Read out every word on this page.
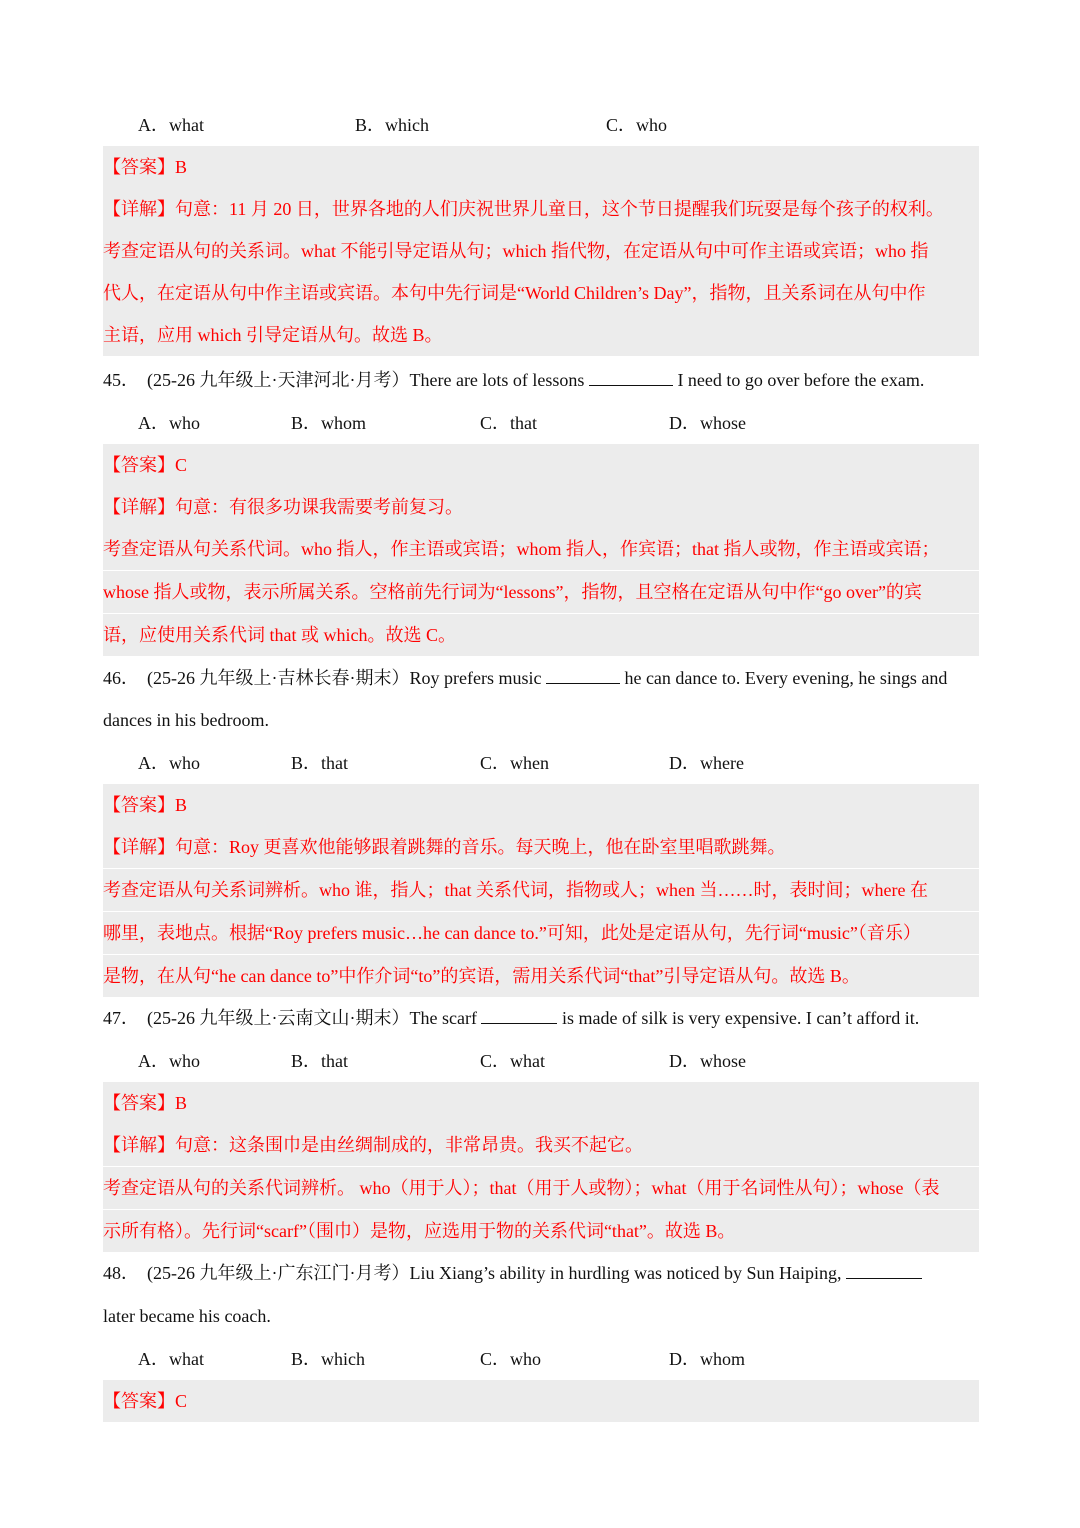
A．what	B．which	C．who
【答案】B
【详解】句意：11 月 20 日，世界各地的人们庆祝世界儿童日，这个节日提醒我们玩耍是每个孩子的权利。
考查定语从句的关系词。what 不能引导定语从句；which 指代物，在定语从句中可作主语或宾语；who 指
代人，在定语从句中作主语或宾语。本句中先行词是“World Children’s Day”，指物，且关系词在从句中作
主语，应用 which 引导定语从句。故选 B。
45． (25-26 九年级上·天津河北·月考）There are lots of lessons	I need to go over before the exam.
A．who	B．whom	C．that	D．whose
【答案】C
【详解】句意：有很多功课我需要考前复习。
考查定语从句关系代词。who 指人，作主语或宾语；whom 指人，作宾语；that 指人或物，作主语或宾语；
whose 指人或物，表示所属关系。空格前先行词为“lessons”，指物，且空格在定语从句中作“go over”的宾
语，应使用关系代词 that 或 which。故选 C。
46． (25-26 九年级上·吉林长春·期末）Roy prefers music	he can dance to. Every evening, he sings and
dances in his bedroom.
A．who	B．that	C．when	D．where
【答案】B
【详解】句意：Roy 更喜欢他能够跟着跳舞的音乐。每天晚上，他在卧室里唱歌跳舞。
考查定语从句关系词辨析。who 谁，指人；that 关系代词，指物或人；when 当……时，表时间；where 在
哪里，表地点。根据“Roy prefers music…he can dance to.”可知，此处是定语从句，先行词“music”（音乐）
是物，在从句“he can dance to”中作介词“to”的宾语，需用关系代词“that”引导定语从句。故选 B。
47． (25-26 九年级上·云南文山·期末）The scarf	is made of silk is very expensive. I can’t afford it.
A．who	B．that	C．what	D．whose
【答案】B
【详解】句意：这条围巾是由丝绸制成的，非常昂贵。我买不起它。
考查定语从句的关系代词辨析。 who（用于人）；that（用于人或物）；what（用于名词性从句）；whose（表
示所有格）。先行词“scarf”（围巾）是物，应选用于物的关系代词“that”。故选 B。
48． (25-26 九年级上·广东江门·月考）Liu Xiang’s ability in hurdling was noticed by Sun Haiping,
later became his coach.
A．what	B．which	C．who	D．whom
【答案】C
